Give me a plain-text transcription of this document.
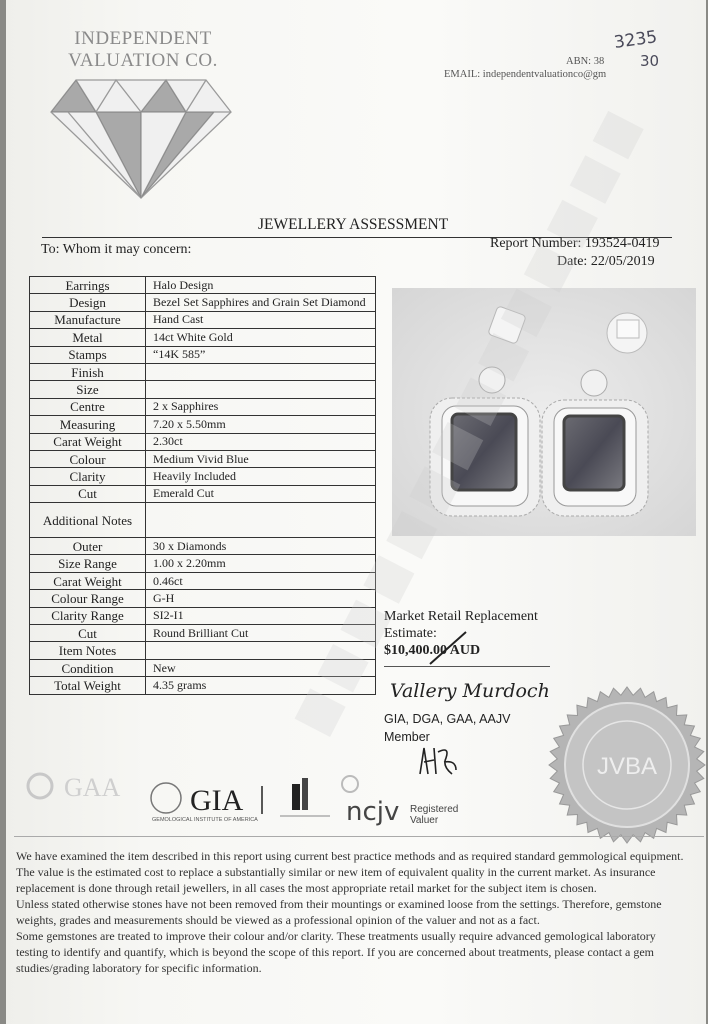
INDEPENDENT
VALUATION CO.	ABN: 38
EMAIL: independentvaluationco@gm
3235
30
JEWELLERY ASSESSMENT
To: Whom it may concern:	Report Number: 193524-0419
Date: 22/05/2019
Earrings	Halo Design
Design	Bezel Set Sapphires and Grain Set Diamond
Manufacture	Hand Cast
Metal	14ct White Gold
Stamps	“14K 585”
Finish	
Size	
Centre	2 x Sapphires
Measuring	7.20 x 5.50mm
Carat Weight	2.30ct
Colour	Medium Vivid Blue
Clarity	Heavily Included
Cut	Emerald Cut
Additional Notes	
Outer	30 x Diamonds
Size Range	1.00 x 2.20mm
Carat Weight	0.46ct
Colour Range	G-H
Clarity Range	SI2-I1
Cut	Round Brilliant Cut
Item Notes	
Condition	New
Total Weight	4.35 grams
Market Retail Replacement
Estimate:
$10,400.00 AUD
Vallery Murdoch
GIA, DGA, GAA, AAJV
Member
JVBA
GAA GIA
GEMOLOGICAL INSTITUTE OF AMERICA	ncjv Registered
Valuer
We have examined the item described in this report using current best practice methods and as required standard gemmological equipment.
The value is the estimated cost to replace a substantially similar or new item of equivalent quality in the current market. As insurance
replacement is done through retail jewellers, in all cases the most appropriate retail market for the subject item is chosen.
Unless stated otherwise stones have not been removed from their mountings or examined loose from the settings. Therefore, gemstone
weights, grades and measurements should be viewed as a professional opinion of the valuer and not as a fact.
Some gemstones are treated to improve their colour and/or clarity. These treatments usually require advanced gemological laboratory
testing to identify and quantify, which is beyond the scope of this report. If you are concerned about treatments, please contact a gem
studies/grading laboratory for specific information.
